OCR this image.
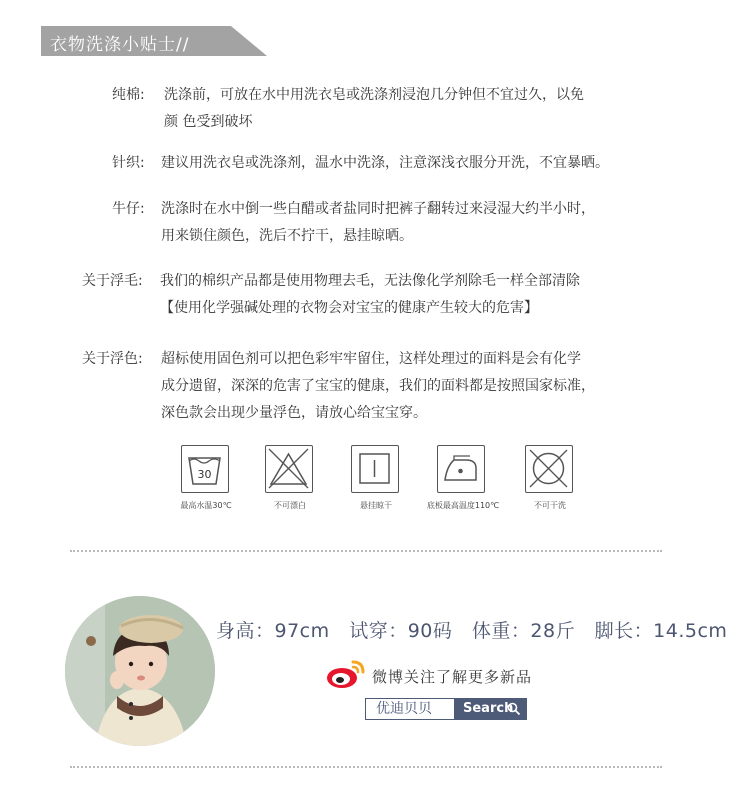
衣物洗涤小贴士//
纯棉: 洗涤前，可放在水中用洗衣皂或洗涤剂浸泡几分钟但不宜过久，以免
颜 色受到破坏
针织: 建议用洗衣皂或洗涤剂，温水中洗涤，注意深浅衣服分开洗，不宜暴晒。
牛仔: 洗涤时在水中倒一些白醋或者盐同时把裤子翻转过来浸湿大约半小时，
用来锁住颜色，洗后不拧干，悬挂晾晒。
关于浮毛: 我们的棉织产品都是使用物理去毛，无法像化学剂除毛一样全部清除
【使用化学强碱处理的衣物会对宝宝的健康产生较大的危害】
关于浮色: 超标使用固色剂可以把色彩牢牢留住，这样处理过的面料是会有化学
成分遗留，深深的危害了宝宝的健康，我们的面料都是按照国家标准，
深色款会出现少量浮色，请放心给宝宝穿。
30
最高水温30℃	不可漂白	悬挂晾干	底板最高温度110℃	不可干洗
身高：97cm 试穿：90码 体重：28斤 脚长：14.5cm
微博关注了解更多新品
优迪贝贝	Search
